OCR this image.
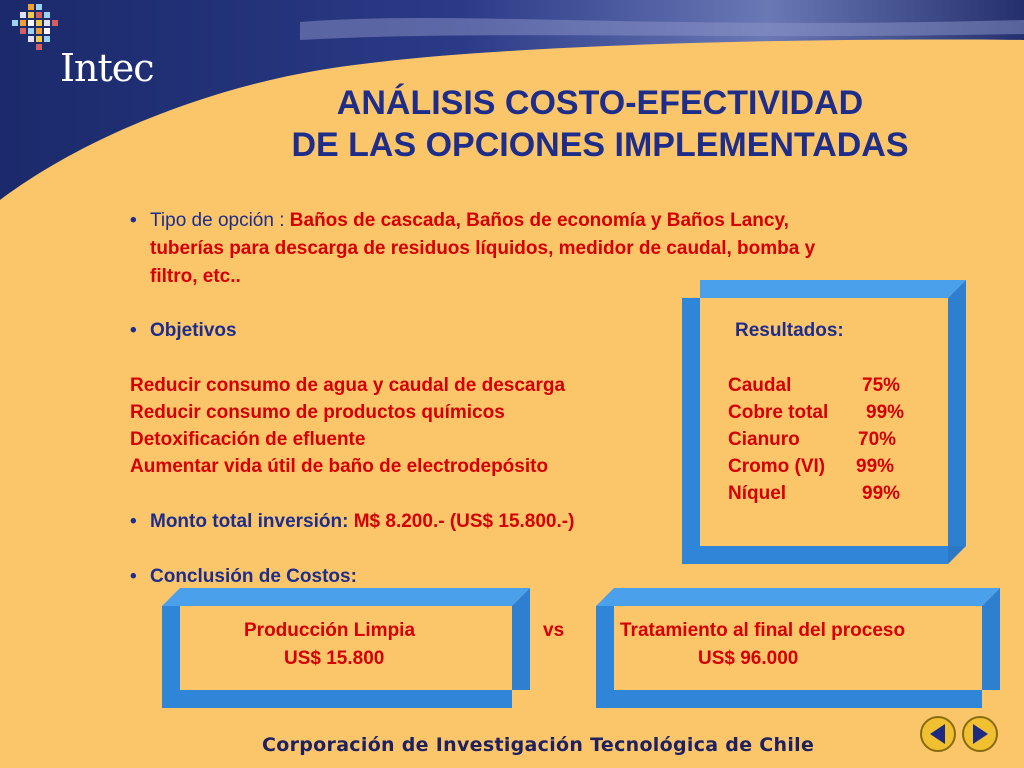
Intec
ANÁLISIS COSTO-EFECTIVIDAD
DE LAS OPCIONES IMPLEMENTADAS
• Tipo de opción : Baños de cascada, Baños de economía y Baños Lancy,
tuberías para descarga de residuos líquidos, medidor de caudal, bomba y
filtro, etc..
• Objetivos
Reducir consumo de agua y caudal de descarga
Reducir consumo de productos químicos
Detoxificación de efluente
Aumentar vida útil de baño de electrodepósito
Resultados:
Caudal	75%
Cobre total 99%
Cianuro	70%
Cromo (VI) 99%
Níquel	99%
• Monto total inversión: M$ 8.200.- (US$ 15.800.-)
• Conclusión de Costos:
Producción Limpia
US$ 15.800
vs	Tratamiento al final del proceso
US$ 96.000
Corporación de Investigación Tecnológica de Chile
